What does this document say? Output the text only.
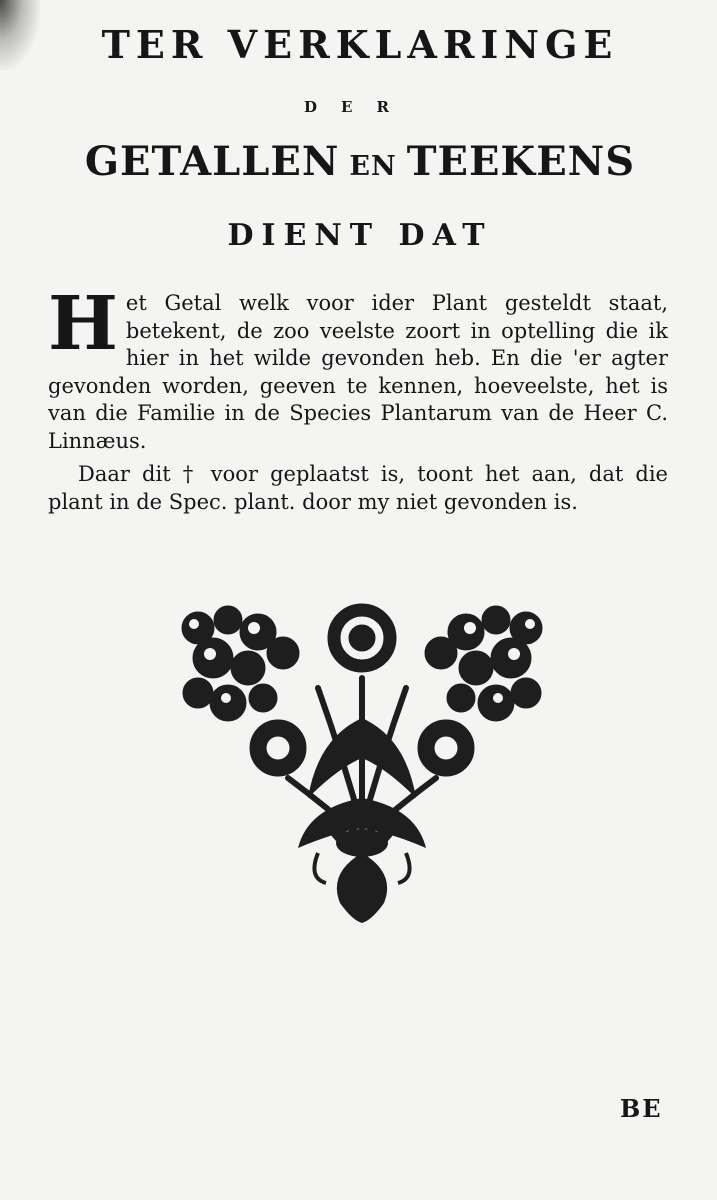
TER VERKLARINGE
DER
GETALLEN EN TEEKENS
DIENT DAT

Het Getal welk voor ider Plant gesteldt staat, betekent, de zoo veelste zoort in optelling die ik hier in het wilde gevonden heb. En die 'er agter gevonden worden, geeven te kennen, hoeveelste, het is van die Familie in de Species Plantarum van de Heer C. Linnæus.

Daar dit † voor geplaatst is, toont het aan, dat die plant in de Spec. plant. door my niet gevonden is.

BE
